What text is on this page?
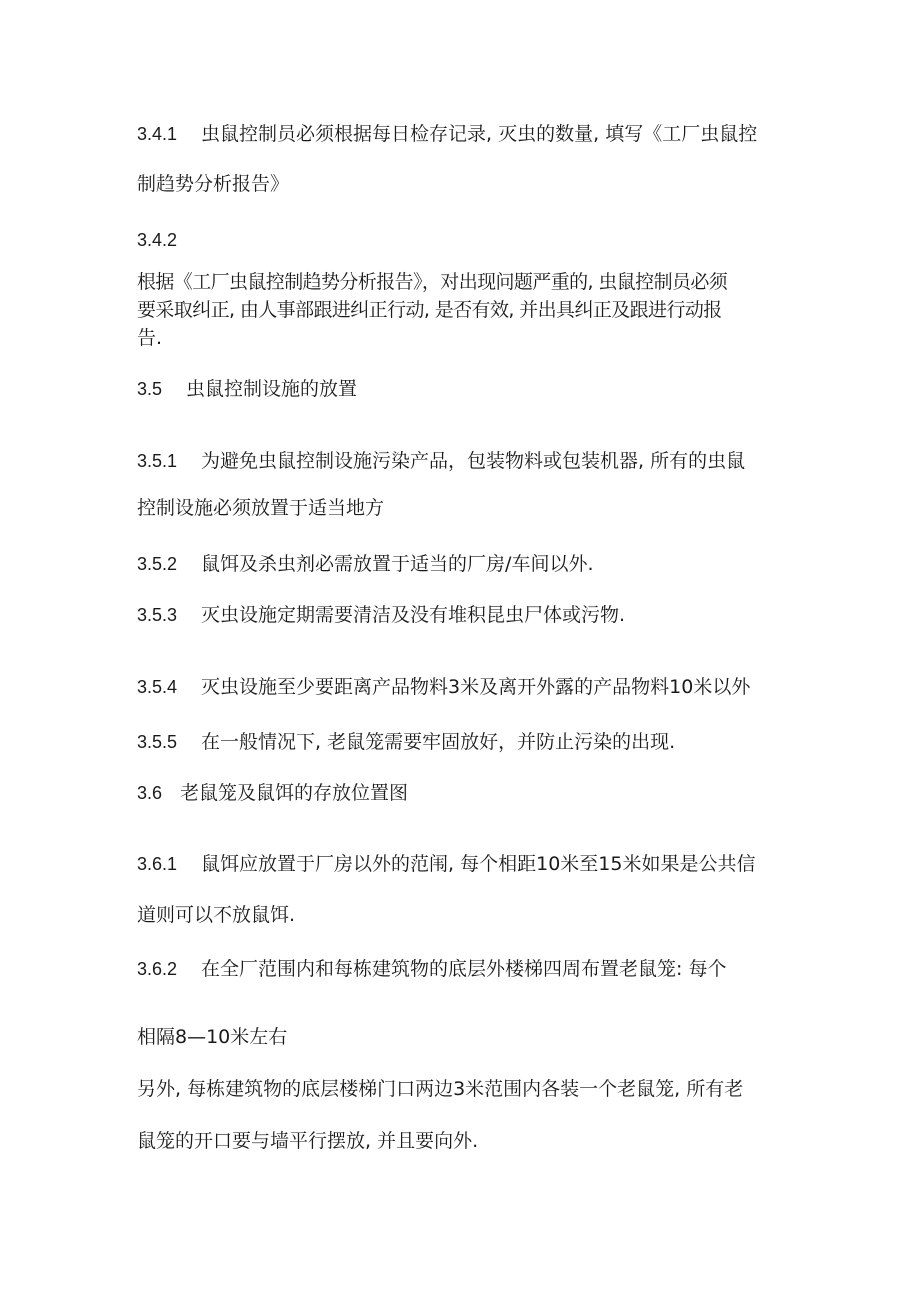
3.4.1 虫鼠控制员必须根据每日检存记录, 灭虫的数量, 填写《工厂虫鼠控
制趋势分析报告》
3.4.2
根据《工厂虫鼠控制趋势分析报告》，对出现问题严重的, 虫鼠控制员必须
要采取纠正, 由人事部跟进纠正行动, 是否有效, 并出具纠正及跟进行动报
告.
3.5 虫鼠控制设施的放置
3.5.1 为避免虫鼠控制设施污染产品，包装物料或包装机器, 所有的虫鼠
控制设施必须放置于适当地方
3.5.2 鼠饵及杀虫剂必需放置于适当的厂房/车间以外.
3.5.3 灭虫设施定期需要清洁及没有堆积昆虫尸体或污物.
3.5.4 灭虫设施至少要距离产品物料3米及离开外露的产品物料10米以外
3.5.5 在一般情况下, 老鼠笼需要牢固放好，并防止污染的出现.
3.6 老鼠笼及鼠饵的存放位置图
3.6.1 鼠饵应放置于厂房以外的范闱, 每个相距10米至15米如果是公共信
道则可以不放鼠饵.
3.6.2 在全厂范围内和每栋建筑物的底层外楼梯四周布置老鼠笼: 每个
相隔8—10米左右
另外, 每栋建筑物的底层楼梯门口两边3米范围内各装一个老鼠笼, 所有老
鼠笼的开口要与墙平行摆放, 并且要向外.
